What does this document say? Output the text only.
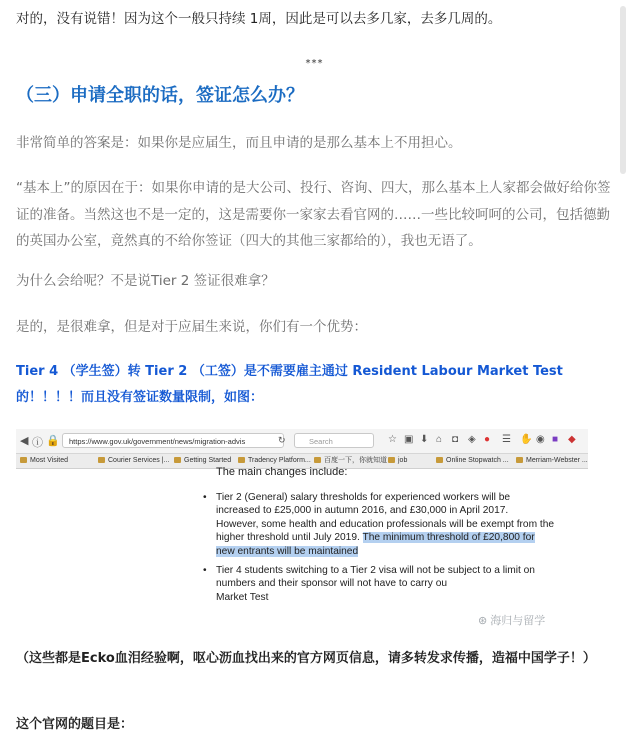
对的，没有说错！因为这个一般只持续 1周，因此是可以去多几家，去多几周的。
***
（三）申请全职的话，签证怎么办？
非常简单的答案是：如果你是应届生，而且申请的是那么基本上不用担心。
“基本上”的原因在于：如果你申请的是大公司、投行、咨询、四大，那么基本上人家都会做好给你签证的准备。当然这也不是一定的，这是需要你一家家去看官网的……一些比较呵呵的公司，包括德勤的英国办公室，竟然真的不给你签证（四大的其他三家都给的），我也无语了。
为什么会给呢？不是说Tier 2 签证很难拿？
是的，是很难拿，但是对于应届生来说，你们有一个优势：
Tier 4 （学生签）转 Tier 2 （工签）是不需要雇主通过 Resident Labour Market Test 的！！！！而且没有签证数量限制，如图：
◀ ⓘ 🔒	https://www.gov.uk/government/news/migration-advis	↻	Search	☆ ▣ ⬇ ⌂ ◘ ◈ ● ☰ ✋ ◉ ■ ◆
Most Visited	Courier Services |...	Getting Started	Tradency Platform...	百度一下，你就知道	job	Online Stopwatch ...	Merriam-Webster ...
The main changes include:
• Tier 2 (General) salary thresholds for experienced workers will be
increased to £25,000 in autumn 2016, and £30,000 in April 2017.
However, some health and education professionals will be exempt from the
higher threshold until July 2019. The minimum threshold of £20,800 for
new entrants will be maintained
• Tier 4 students switching to a Tier 2 visa will not be subject to a limit on
numbers and their sponsor will not have to carry ou
Market Test
⊛ 海归与留学
（这些都是Ecko血泪经验啊，呕心沥血找出来的官方网页信息，请多转发求传播，造福中国学子！）
这个官网的题目是：
